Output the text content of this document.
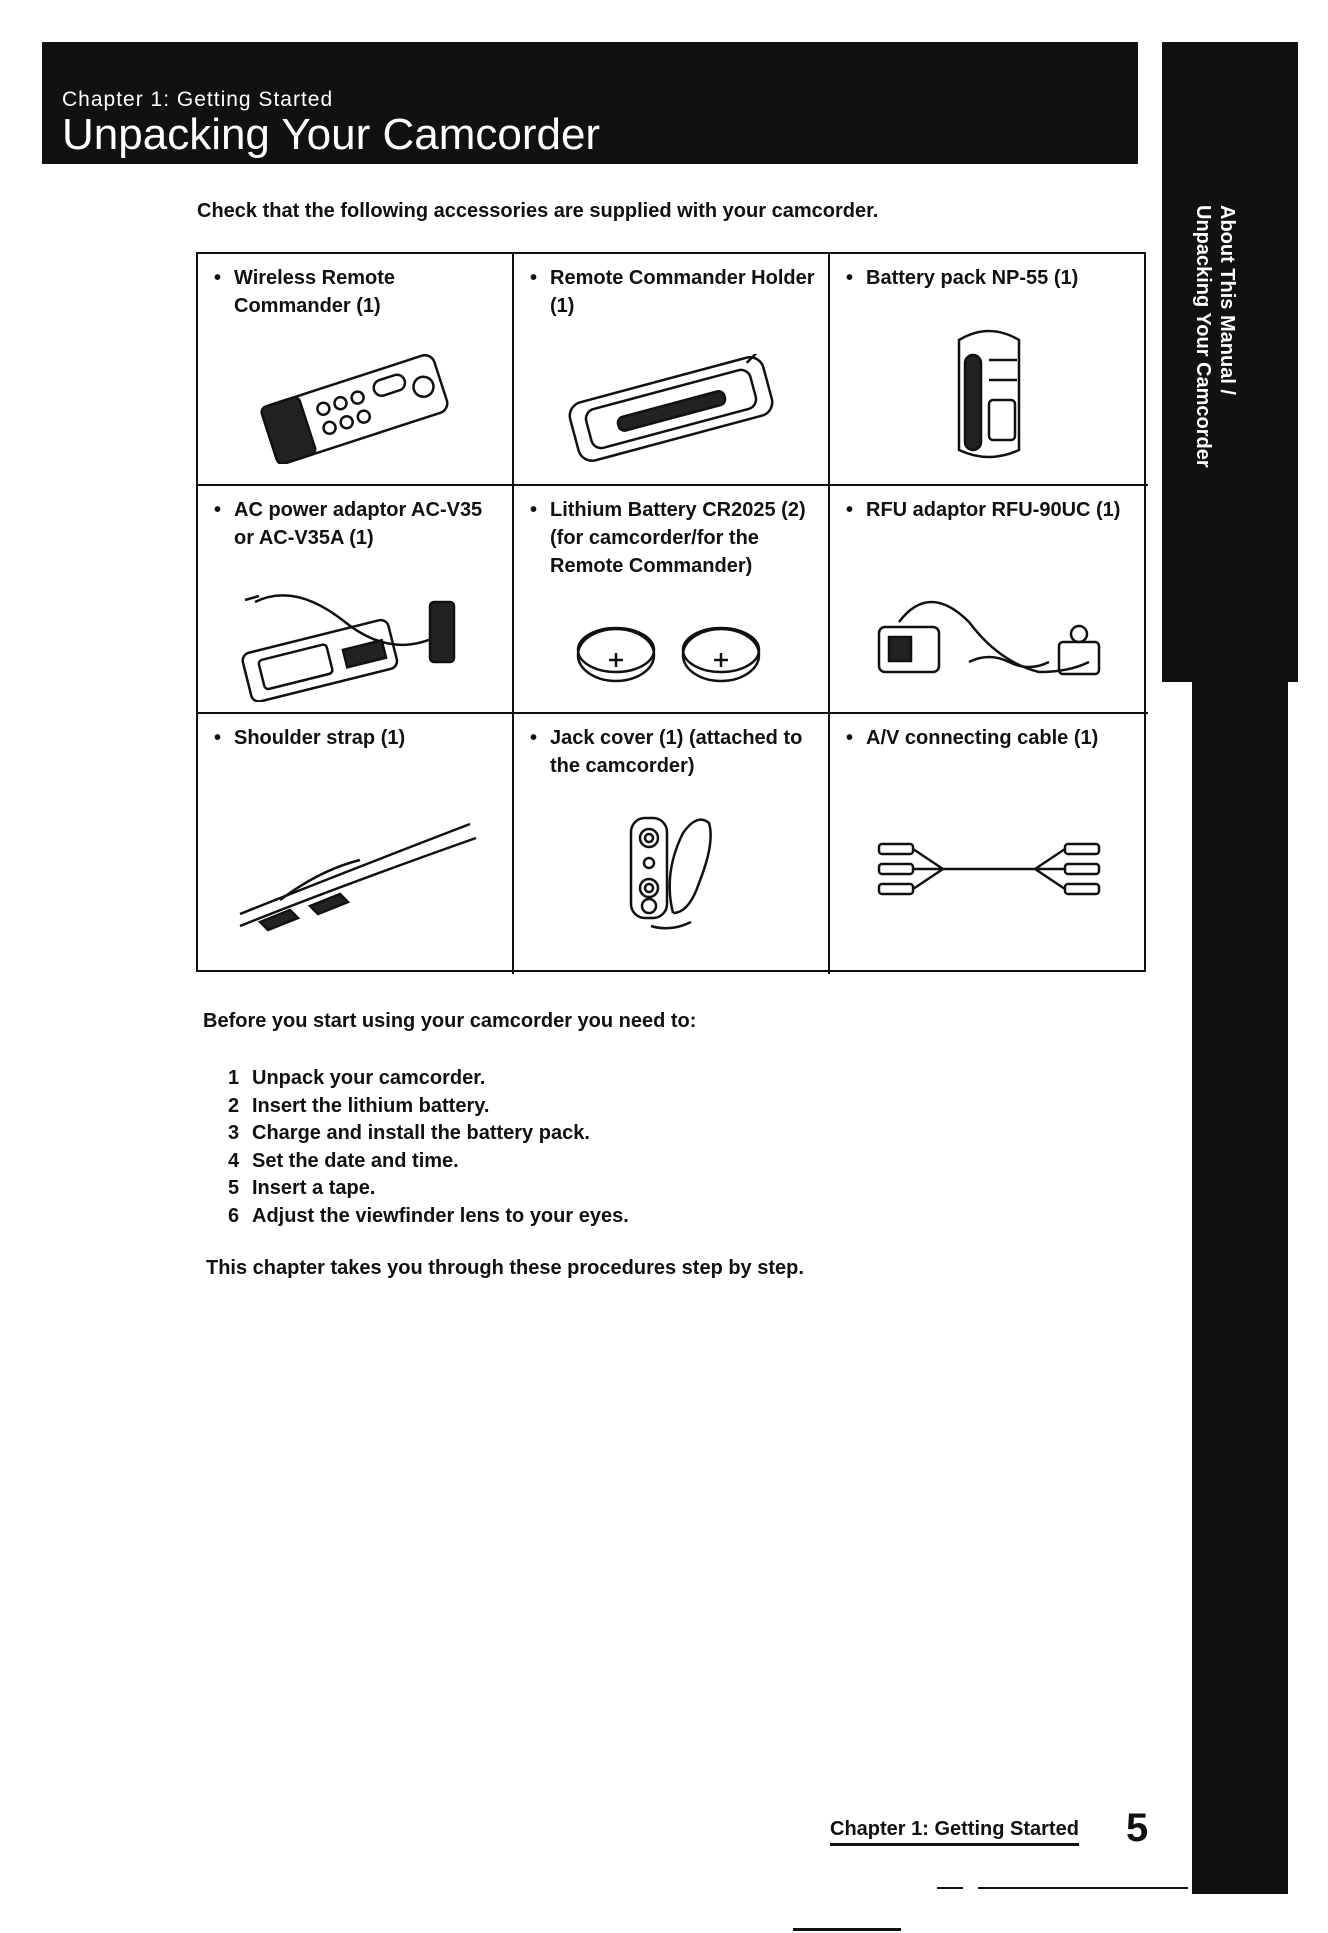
Chapter 1: Getting Started
Unpacking Your Camcorder
About This Manual /
Unpacking Your Camcorder
Check that the following accessories are supplied with your camcorder.
• Wireless Remote Commander (1)
• Remote Commander Holder (1)
• Battery pack NP-55 (1)
• AC power adaptor AC-V35 or AC-V35A (1)
• Lithium Battery CR2025 (2) (for camcorder/for the Remote Commander)
• RFU adaptor RFU-90UC (1)
• Shoulder strap (1)
•	Jack cover (1) (attached to the camcorder)
• A/V connecting cable (1)
Before you start using your camcorder you need to:
1 Unpack your camcorder.
2 Insert the lithium battery.
3 Charge and install the battery pack.
4 Set the date and time.
5 Insert a tape.
6 Adjust the viewfinder lens to your eyes.
This chapter takes you through these procedures step by step.
Chapter 1: Getting Started 5
